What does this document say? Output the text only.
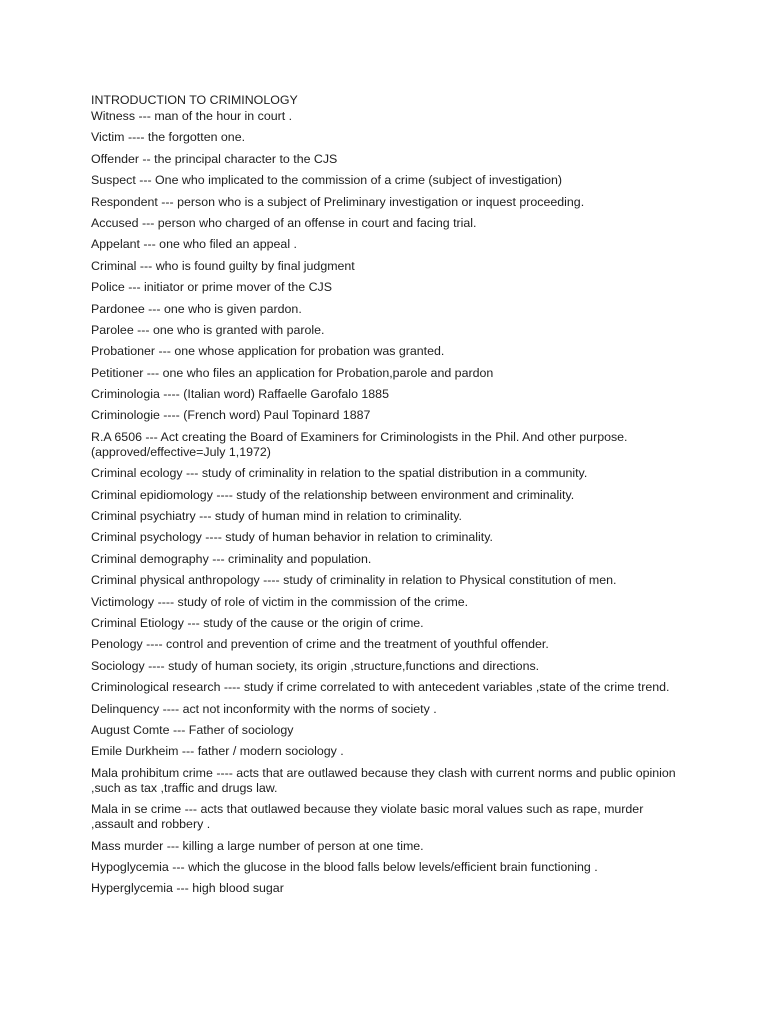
INTRODUCTION TO CRIMINOLOGY
Witness --- man of the hour in court .
Victim ---- the forgotten one.
Offender -- the principal character to the CJS
Suspect --- One who implicated to the commission of a crime (subject of investigation)
Respondent --- person who is a subject of Preliminary investigation or inquest proceeding.
Accused --- person who charged of an offense in court and facing trial.
Appelant --- one who filed an appeal .
Criminal --- who is found guilty by final judgment
Police --- initiator or prime mover of the CJS
Pardonee --- one who is given pardon.
Parolee --- one who is granted with parole.
Probationer --- one whose application for probation was granted.
Petitioner --- one who files an application for Probation,parole and pardon
Criminologia ---- (Italian word) Raffaelle Garofalo 1885
Criminologie ---- (French word) Paul Topinard 1887
R.A 6506 --- Act creating the Board of Examiners for Criminologists in the Phil. And other purpose.(approved/effective=July 1,1972)
Criminal ecology --- study of criminality in relation to the spatial distribution in a community.
Criminal epidiomology ---- study of the relationship between environment and criminality.
Criminal psychiatry --- study of human mind in relation to criminality.
Criminal psychology ---- study of human behavior in relation to criminality.
Criminal demography --- criminality and population.
Criminal physical anthropology ---- study of criminality in relation to Physical constitution of men.
Victimology ---- study of role of victim in the commission of the crime.
Criminal Etiology --- study of the cause or the origin of crime.
Penology ---- control and prevention of crime and the treatment of youthful offender.
Sociology ---- study of human society, its origin ,structure,functions and directions.
Criminological research ---- study if crime correlated to with antecedent variables ,state of the crime trend.
Delinquency ---- act not inconformity with the norms of society .
August Comte --- Father of sociology
Emile Durkheim --- father / modern sociology .
Mala prohibitum crime ---- acts that are outlawed because they clash with current norms and public opinion ,such as tax ,traffic and drugs law.
Mala in se crime --- acts that outlawed because they violate basic moral values such as rape, murder ,assault and robbery .
Mass murder --- killing a large number of person at one time.
Hypoglycemia --- which the glucose in the blood falls below levels/efficient brain functioning .
Hyperglycemia --- high blood sugar
